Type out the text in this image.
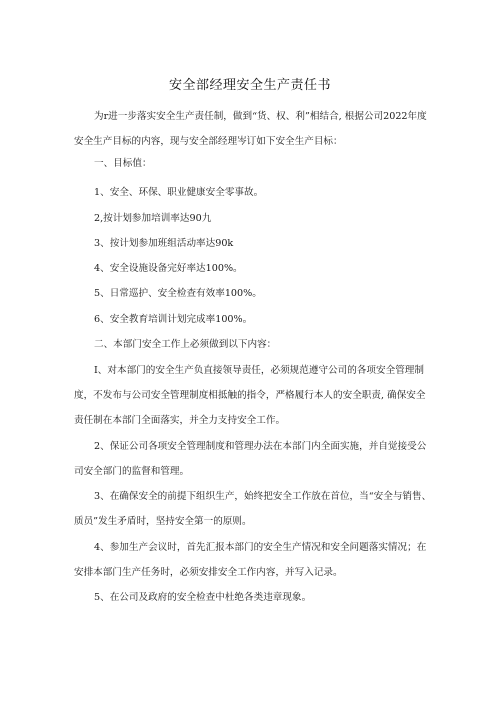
安全部经理安全生产责任书

为r进一步落实安全生产责任制，做到“货、权、利”相结合, 根据公司2022年度安全生产目标的内容，现与安全部经理岑订如下安全生产目标：

一、目标值：
1、安全、环保、职业健康安全零事故。
2,按计划参加培训率达90九
3、按计划参加班组活动率达90k
4、安全设施设备完好率达100%。
5、日常巡护、安全检查有效率100%。
6、安全教育培训计划完成率100%。
二、本部门安全工作上必须做到以下内容：

I、对本部门的安全生产负直接领导责任，必须规范遵守公司的各项安全管理制度，不发布与公司安全管理制度相抵触的指令，严格履行本人的安全职责, 确保安全责任制在本部门全面落实，并全力支持安全工作。

2、保证公司各项安全管理制度和管理办法在本部门内全面实施，并自觉接受公司安全部门的监督和管理。

3、在确保安全的前提下组织生产，始终把安全工作放在首位，当“安全与销售、质员”发生矛盾时，坚持安全第一的原则。

4、参加生产会议时，首先汇报本部门的安全生产情况和安全问题落实情况；在安排本部门生产任务时，必须安排安全工作内容，并写入记录。

5、在公司及政府的安全检查中杜绝各类违章现象。
